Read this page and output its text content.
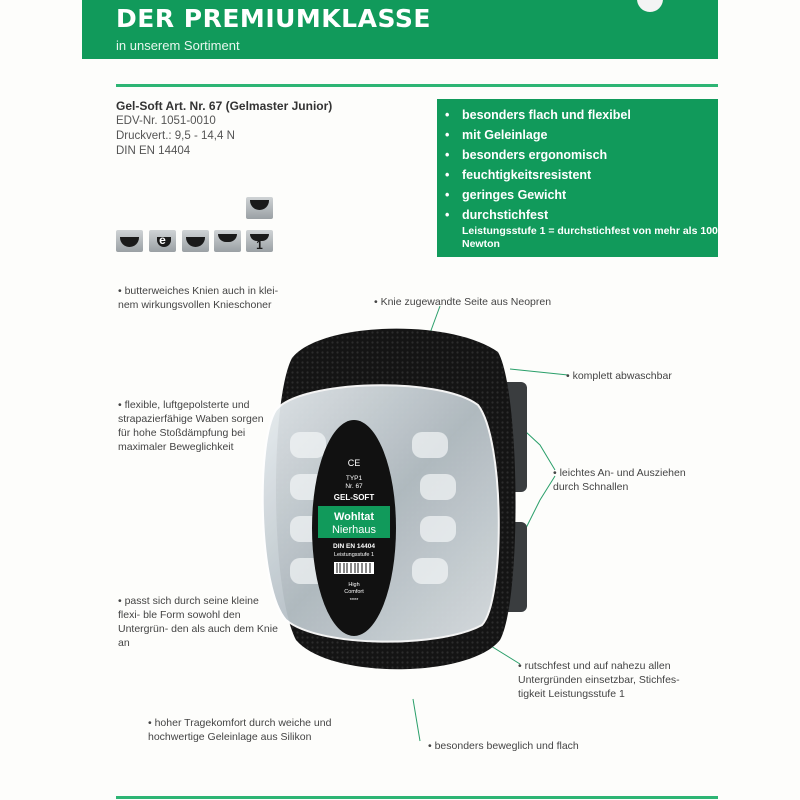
DER PREMIUMKLASSE
in unserem Sortiment
Gel-Soft Art. Nr. 67 (Gelmaster Junior)
EDV-Nr. 1051-0010
Druckvert.: 9,5 - 14,4 N
DIN EN 14404
• besonders flach und flexibel
• mit Geleinlage
• besonders ergonomisch
• feuchtigkeitsresistent
• geringes Gewicht
• durchstichfest
Leistungsstufe 1 = durchstichfest von mehr als 100 Newton
e	1
CE
TYP1
Nr. 67
GEL-SOFT
Wohltat
Nierhaus
DIN EN 14404
Leistungsstufe 1
High
Comfort
****
• butterweiches Knien auch in klei- nem wirkungsvollen Knieschoner
•	Knie zugewandte Seite aus Neopren
• komplett abwaschbar
• flexible, luftgepolsterte und strapazierfähige Waben sorgen für hohe Stoßdämpfung bei maximaler Beweglichkeit
• leichtes An- und Ausziehen durch Schnallen
• passt sich durch seine kleine flexi- ble Form sowohl den Untergrün- den als auch dem Knie an
• rutschfest und auf nahezu allen Untergründen einsetzbar, Stichfes- tigkeit Leistungsstufe 1
• hoher Tragekomfort durch weiche und hochwertige Geleinlage aus Silikon
• besonders beweglich und flach
